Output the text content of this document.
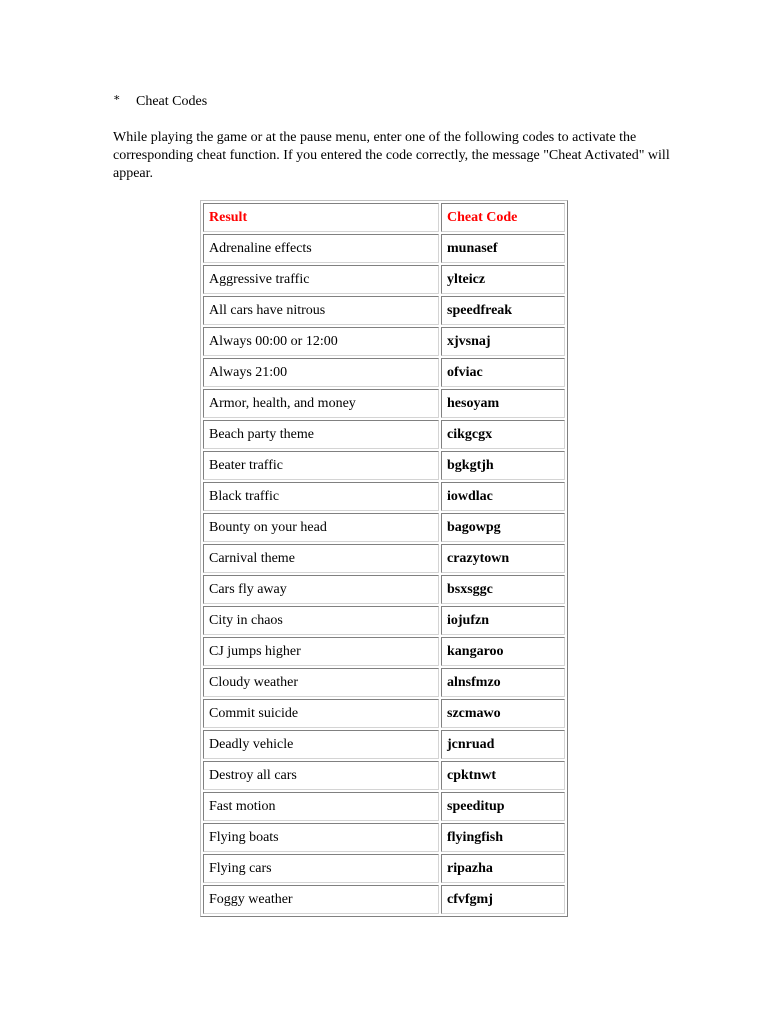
∗	Cheat Codes
While playing the game or at the pause menu, enter one of the following codes to activate the corresponding cheat function. If you entered the code correctly, the message "Cheat Activated" will appear.
Result	Cheat Code
Adrenaline effects	munasef
Aggressive traffic	ylteicz
All cars have nitrous	speedfreak
Always 00:00 or 12:00	xjvsnaj
Always 21:00	ofviac
Armor, health, and money	hesoyam
Beach party theme	cikgcgx
Beater traffic	bgkgtjh
Black traffic	iowdlac
Bounty on your head	bagowpg
Carnival theme	crazytown
Cars fly away	bsxsggc
City in chaos	iojufzn
CJ jumps higher	kangaroo
Cloudy weather	alnsfmzo
Commit suicide	szcmawo
Deadly vehicle	jcnruad
Destroy all cars	cpktnwt
Fast motion	speeditup
Flying boats	flyingfish
Flying cars	ripazha
Foggy weather	cfvfgmj
